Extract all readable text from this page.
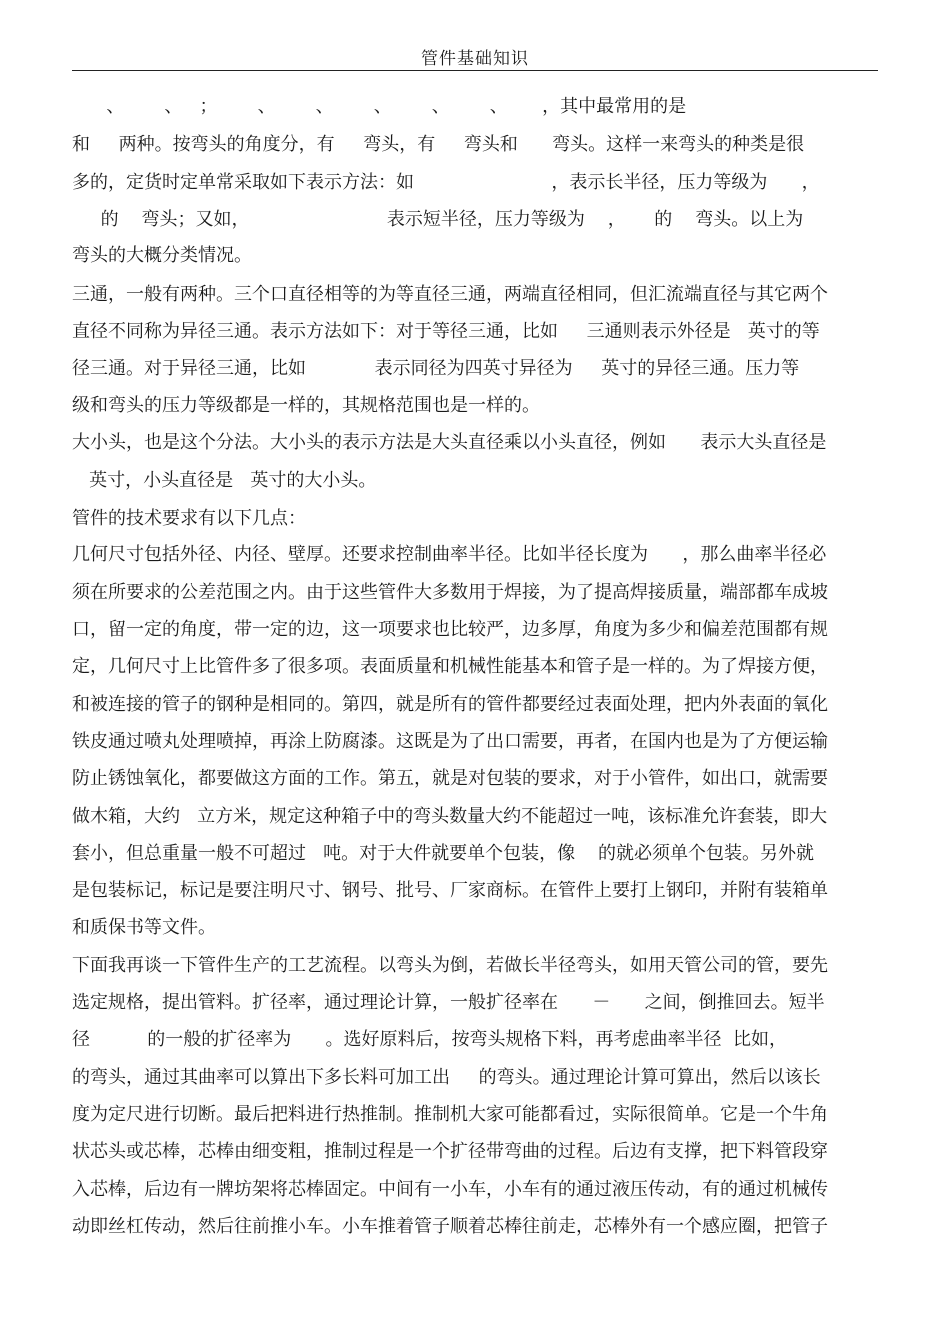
管件基础知识
、       、   ；       、       、       、       、       、      ，其中最常用的是
和     两种。按弯头的角度分，有     弯头，有     弯头和      弯头。这样一来弯头的种类是很
多的，定货时定单常采取如下表示方法：如                        ，表示长半径，压力等级为      ，
的    弯头；又如，                        表示短半径，压力等级为    ，     的    弯头。以上为
弯头的大概分类情况。
三通，一般有两种。三个口直径相等的为等直径三通，两端直径相同，但汇流端直径与其它两个
直径不同称为异径三通。表示方法如下：对于等径三通，比如     三通则表示外径是   英寸的等
径三通。对于异径三通，比如            表示同径为四英寸异径为     英寸的异径三通。压力等
级和弯头的压力等级都是一样的，其规格范围也是一样的。
大小头，也是这个分法。大小头的表示方法是大头直径乘以小头直径，例如      表示大头直径是
英寸，小头直径是   英寸的大小头。
管件的技术要求有以下几点：
几何尺寸包括外径、内径、壁厚。还要求控制曲率半径。比如半径长度为      ，那么曲率半径必
须在所要求的公差范围之内。由于这些管件大多数用于焊接，为了提高焊接质量，端部都车成坡
口，留一定的角度，带一定的边，这一项要求也比较严，边多厚，角度为多少和偏差范围都有规
定，几何尺寸上比管件多了很多项。表面质量和机械性能基本和管子是一样的。为了焊接方便，
和被连接的管子的钢种是相同的。第四，就是所有的管件都要经过表面处理，把内外表面的氧化
铁皮通过喷丸处理喷掉，再涂上防腐漆。这既是为了出口需要，再者，在国内也是为了方便运输
防止锈蚀氧化，都要做这方面的工作。第五，就是对包装的要求，对于小管件，如出口，就需要
做木箱，大约   立方米，规定这种箱子中的弯头数量大约不能超过一吨，该标准允许套装，即大
套小，但总重量一般不可超过   吨。对于大件就要单个包装，像    的就必须单个包装。另外就
是包装标记，标记是要注明尺寸、钢号、批号、厂家商标。在管件上要打上钢印，并附有装箱单
和质保书等文件。
下面我再谈一下管件生产的工艺流程。以弯头为倒，若做长半径弯头，如用天管公司的管，要先
选定规格，提出管料。扩径率，通过理论计算，一般扩径率在      －      之间，倒推回去。短半
径          的一般的扩径率为      。选好原料后，按弯头规格下料，再考虑曲率半径  比如，
的弯头，通过其曲率可以算出下多长料可加工出     的弯头。通过理论计算可算出，然后以该长
度为定尺进行切断。最后把料进行热推制。推制机大家可能都看过，实际很简单。它是一个牛角
状芯头或芯棒，芯棒由细变粗，推制过程是一个扩径带弯曲的过程。后边有支撑，把下料管段穿
入芯棒，后边有一牌坊架将芯棒固定。中间有一小车，小车有的通过液压传动，有的通过机械传
动即丝杠传动，然后往前推小车。小车推着管子顺着芯棒往前走，芯棒外有一个感应圈，把管子
